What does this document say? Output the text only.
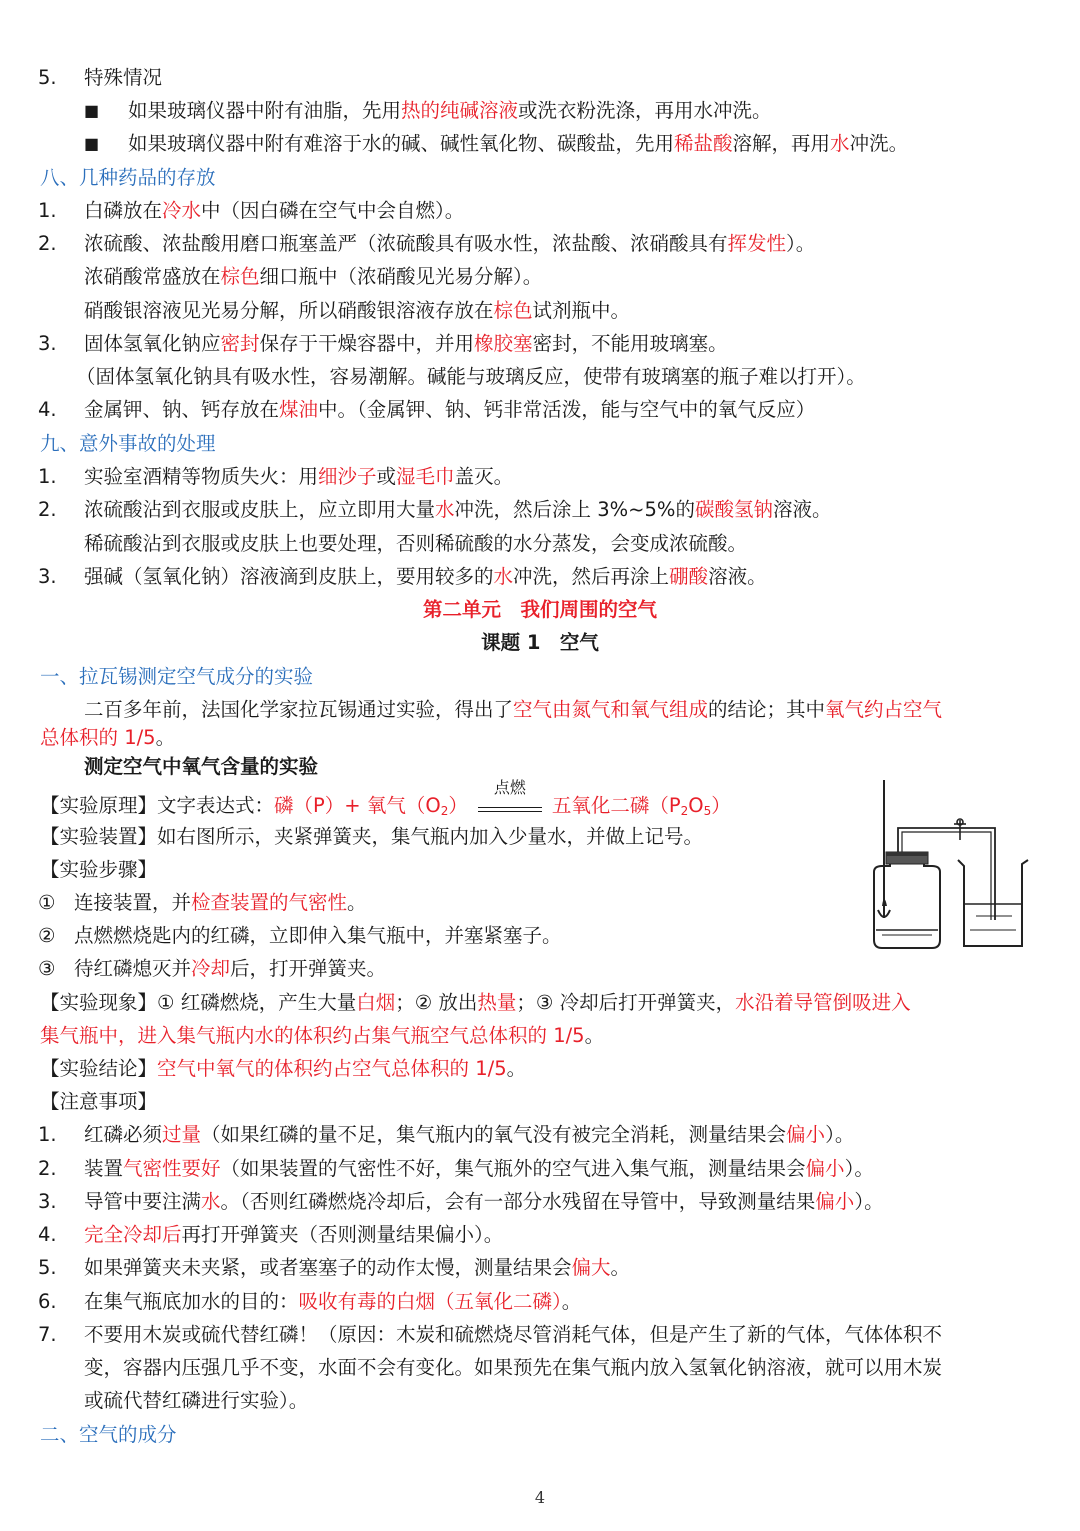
5. 特殊情况
■ 如果玻璃仪器中附有油脂，先用热的纯碱溶液或洗衣粉洗涤，再用水冲洗。
■ 如果玻璃仪器中附有难溶于水的碱、碱性氧化物、碳酸盐，先用稀盐酸溶解，再用水冲洗。
八、几种药品的存放
1. 白磷放在冷水中（因白磷在空气中会自燃）。
2. 浓硫酸、浓盐酸用磨口瓶塞盖严（浓硫酸具有吸水性，浓盐酸、浓硝酸具有挥发性）。
浓硝酸常盛放在棕色细口瓶中（浓硝酸见光易分解）。
硝酸银溶液见光易分解，所以硝酸银溶液存放在棕色试剂瓶中。
3. 固体氢氧化钠应密封保存于干燥容器中，并用橡胶塞密封，不能用玻璃塞。
（固体氢氧化钠具有吸水性，容易潮解。碱能与玻璃反应，使带有玻璃塞的瓶子难以打开）。
4. 金属钾、钠、钙存放在煤油中。（金属钾、钠、钙非常活泼，能与空气中的氧气反应）
九、意外事故的处理
1. 实验室酒精等物质失火：用细沙子或湿毛巾盖灭。
2. 浓硫酸沾到衣服或皮肤上，应立即用大量水冲洗，然后涂上 3%~5%的碳酸氢钠溶液。
稀硫酸沾到衣服或皮肤上也要处理，否则稀硫酸的水分蒸发，会变成浓硫酸。
3. 强碱（氢氧化钠）溶液滴到皮肤上，要用较多的水冲洗，然后再涂上硼酸溶液。
第二单元　我们周围的空气
课题 1　空气
一、拉瓦锡测定空气成分的实验
二百多年前，法国化学家拉瓦锡通过实验，得出了空气由氮气和氧气组成的结论；其中氧气约占空气
总体积的 1/5。
测定空气中氧气含量的实验
【实验原理】文字表达式：磷（P）+ 氧气$(O_2)$
点燃
五氧化二磷$(P_2O_5)$
【实验装置】如右图所示，夹紧弹簧夹，集气瓶内加入少量水，并做上记号。
【实验步骤】
① 连接装置，并检查装置的气密性。
② 点燃燃烧匙内的红磷，立即伸入集气瓶中，并塞紧塞子。
③ 待红磷熄灭并冷却后，打开弹簧夹。
【实验现象】① 红磷燃烧，产生大量白烟；② 放出热量；③ 冷却后打开弹簧夹，水沿着导管倒吸进入
集气瓶中，进入集气瓶内水的体积约占集气瓶空气总体积的 1/5。
【实验结论】空气中氧气的体积约占空气总体积的 1/5。
【注意事项】
1. 红磷必须过量（如果红磷的量不足，集气瓶内的氧气没有被完全消耗，测量结果会偏小）。
2. 装置气密性要好（如果装置的气密性不好，集气瓶外的空气进入集气瓶，测量结果会偏小）。
3. 导管中要注满水。（否则红磷燃烧冷却后，会有一部分水残留在导管中，导致测量结果偏小）。
4. 完全冷却后再打开弹簧夹（否则测量结果偏小）。
5. 如果弹簧夹未夹紧，或者塞塞子的动作太慢，测量结果会偏大。
6. 在集气瓶底加水的目的：吸收有毒的白烟（五氧化二磷）。
7. 不要用木炭或硫代替红磷！（原因：木炭和硫燃烧尽管消耗气体，但是产生了新的气体，气体体积不
变，容器内压强几乎不变，水面不会有变化。如果预先在集气瓶内放入氢氧化钠溶液，就可以用木炭
或硫代替红磷进行实验）。
二、空气的成分
4
